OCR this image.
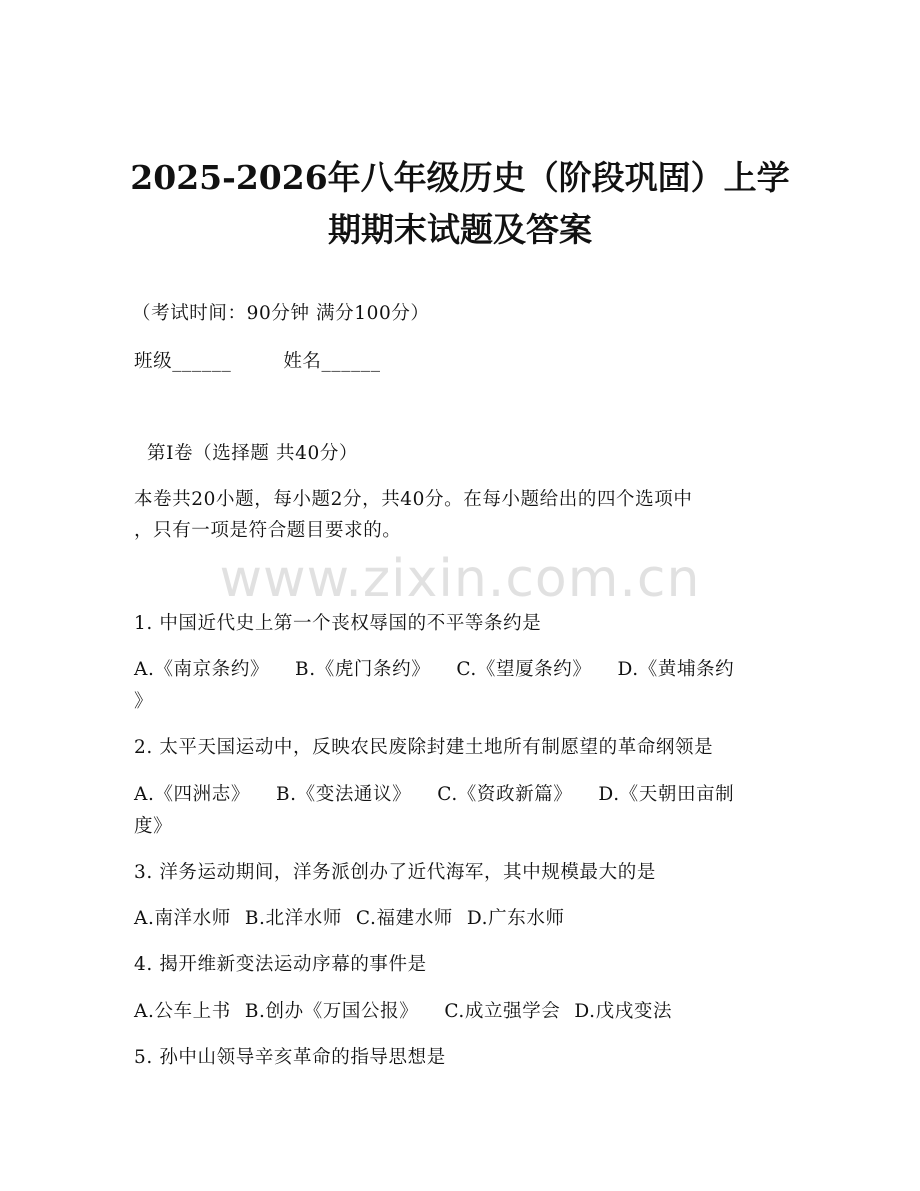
2025-2026年八年级历史（阶段巩固）上学
期期末试题及答案
（考试时间：90分钟 满分100分）
班级______	姓名______
第Ⅰ卷（选择题 共40分）
本卷共20小题，每小题2分，共40分。在每小题给出的四个选项中
，只有一项是符合题目要求的。
www.zixin.com.cn
1. 中国近代史上第一个丧权辱国的不平等条约是
A.《南京条约》 B.《虎门条约》 C.《望厦条约》 D.《黄埔条约
》
2. 太平天国运动中，反映农民废除封建土地所有制愿望的革命纲领是
A.《四洲志》 B.《变法通议》 C.《资政新篇》 D.《天朝田亩制
度》
3. 洋务运动期间，洋务派创办了近代海军，其中规模最大的是
A.南洋水师 B.北洋水师 C.福建水师 D.广东水师
4. 揭开维新变法运动序幕的事件是
A.公车上书 B.创办《万国公报》 C.成立强学会 D.戊戌变法
5. 孙中山领导辛亥革命的指导思想是
